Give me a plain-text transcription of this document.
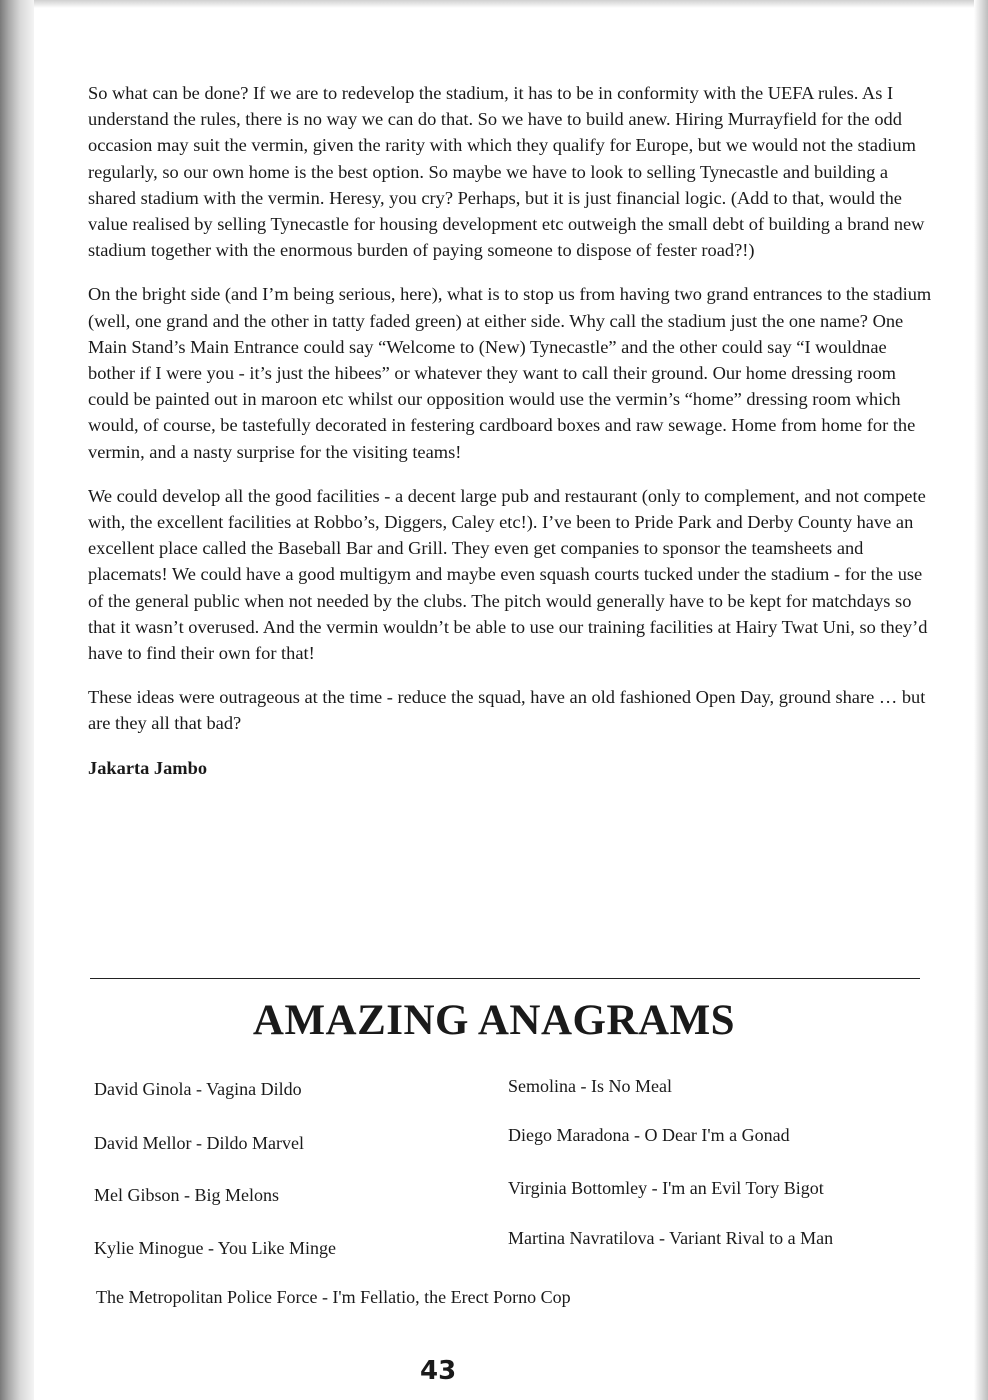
So what can be done? If we are to redevelop the stadium, it has to be in conformity with the UEFA rules. As I understand the rules, there is no way we can do that. So we have to build anew. Hiring Murrayfield for the odd occasion may suit the vermin, given the rarity with which they qualify for Europe, but we would not the stadium regularly, so our own home is the best option. So maybe we have to look to selling Tynecastle and building a shared stadium with the vermin. Heresy, you cry? Perhaps, but it is just financial logic. (Add to that, would the value realised by selling Tynecastle for housing development etc outweigh the small debt of building a brand new stadium together with the enormous burden of paying someone to dispose of fester road?!)

On the bright side (and I’m being serious, here), what is to stop us from having two grand entrances to the stadium (well, one grand and the other in tatty faded green) at either side. Why call the stadium just the one name? One Main Stand’s Main Entrance could say “Welcome to (New) Tynecastle” and the other could say “I wouldnae bother if I were you - it’s just the hibees” or whatever they want to call their ground. Our home dressing room could be painted out in maroon etc whilst our opposition would use the vermin’s “home” dressing room which would, of course, be tastefully decorated in festering cardboard boxes and raw sewage. Home from home for the vermin, and a nasty surprise for the visiting teams!

We could develop all the good facilities - a decent large pub and restaurant (only to complement, and not compete with, the excellent facilities at Robbo’s, Diggers, Caley etc!). I’ve been to Pride Park and Derby County have an excellent place called the Baseball Bar and Grill. They even get companies to sponsor the teamsheets and placemats! We could have a good multigym and maybe even squash courts tucked under the stadium - for the use of the general public when not needed by the clubs. The pitch would generally have to be kept for matchdays so that it wasn’t overused. And the vermin wouldn’t be able to use our training facilities at Hairy Twat Uni, so they’d have to find their own for that!

These ideas were outrageous at the time - reduce the squad, have an old fashioned Open Day, ground share … but are they all that bad?

Jakarta Jambo
AMAZING ANAGRAMS
David Ginola - Vagina Dildo
David Mellor - Dildo Marvel
Mel Gibson - Big Melons
Kylie Minogue - You Like Minge
Semolina - Is No Meal
Diego Maradona - O Dear I'm a Gonad
Virginia Bottomley - I'm an Evil Tory Bigot
Martina Navratilova - Variant Rival to a Man
The Metropolitan Police Force - I'm Fellatio, the Erect Porno Cop
43
